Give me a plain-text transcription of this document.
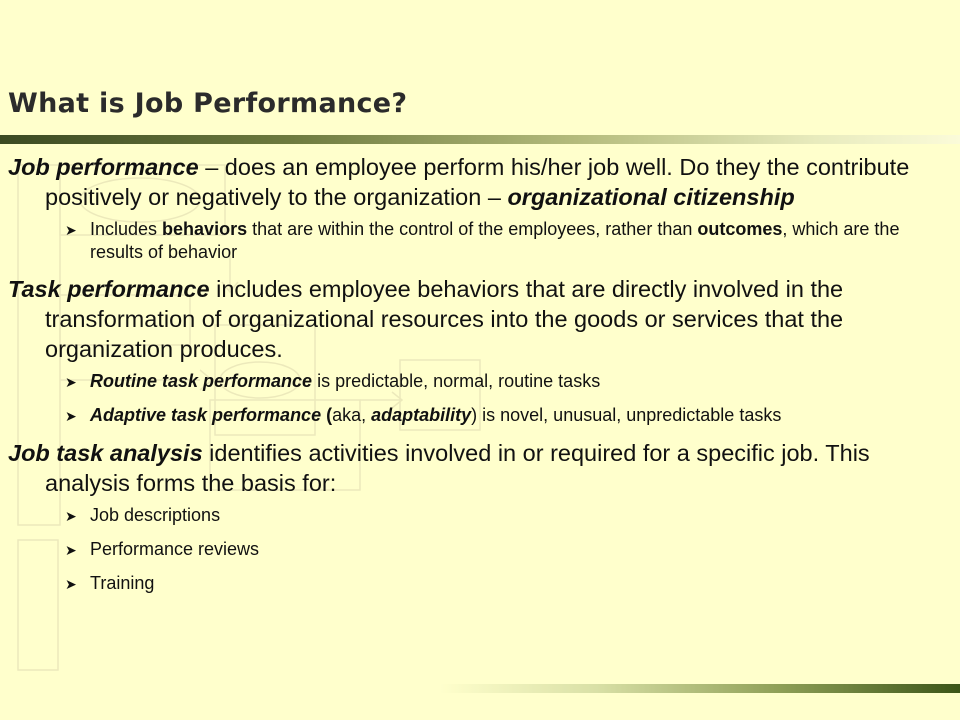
What is Job Performance?

Job performance – does an employee perform his/her job well. Do they the contribute positively or negatively to the organization – organizational citizenship

➤ Includes behaviors that are within the control of the employees, rather than outcomes, which are the results of behavior

Task performance includes employee behaviors that are directly involved in the transformation of organizational resources into the goods or services that the organization produces.

➤ Routine task performance is predictable, normal, routine tasks

➤ Adaptive task performance (aka, adaptability) is novel, unusual, unpredictable tasks

Job task analysis identifies activities involved in or required for a specific job. This analysis forms the basis for:

➤ Job descriptions

➤ Performance reviews

➤ Training
